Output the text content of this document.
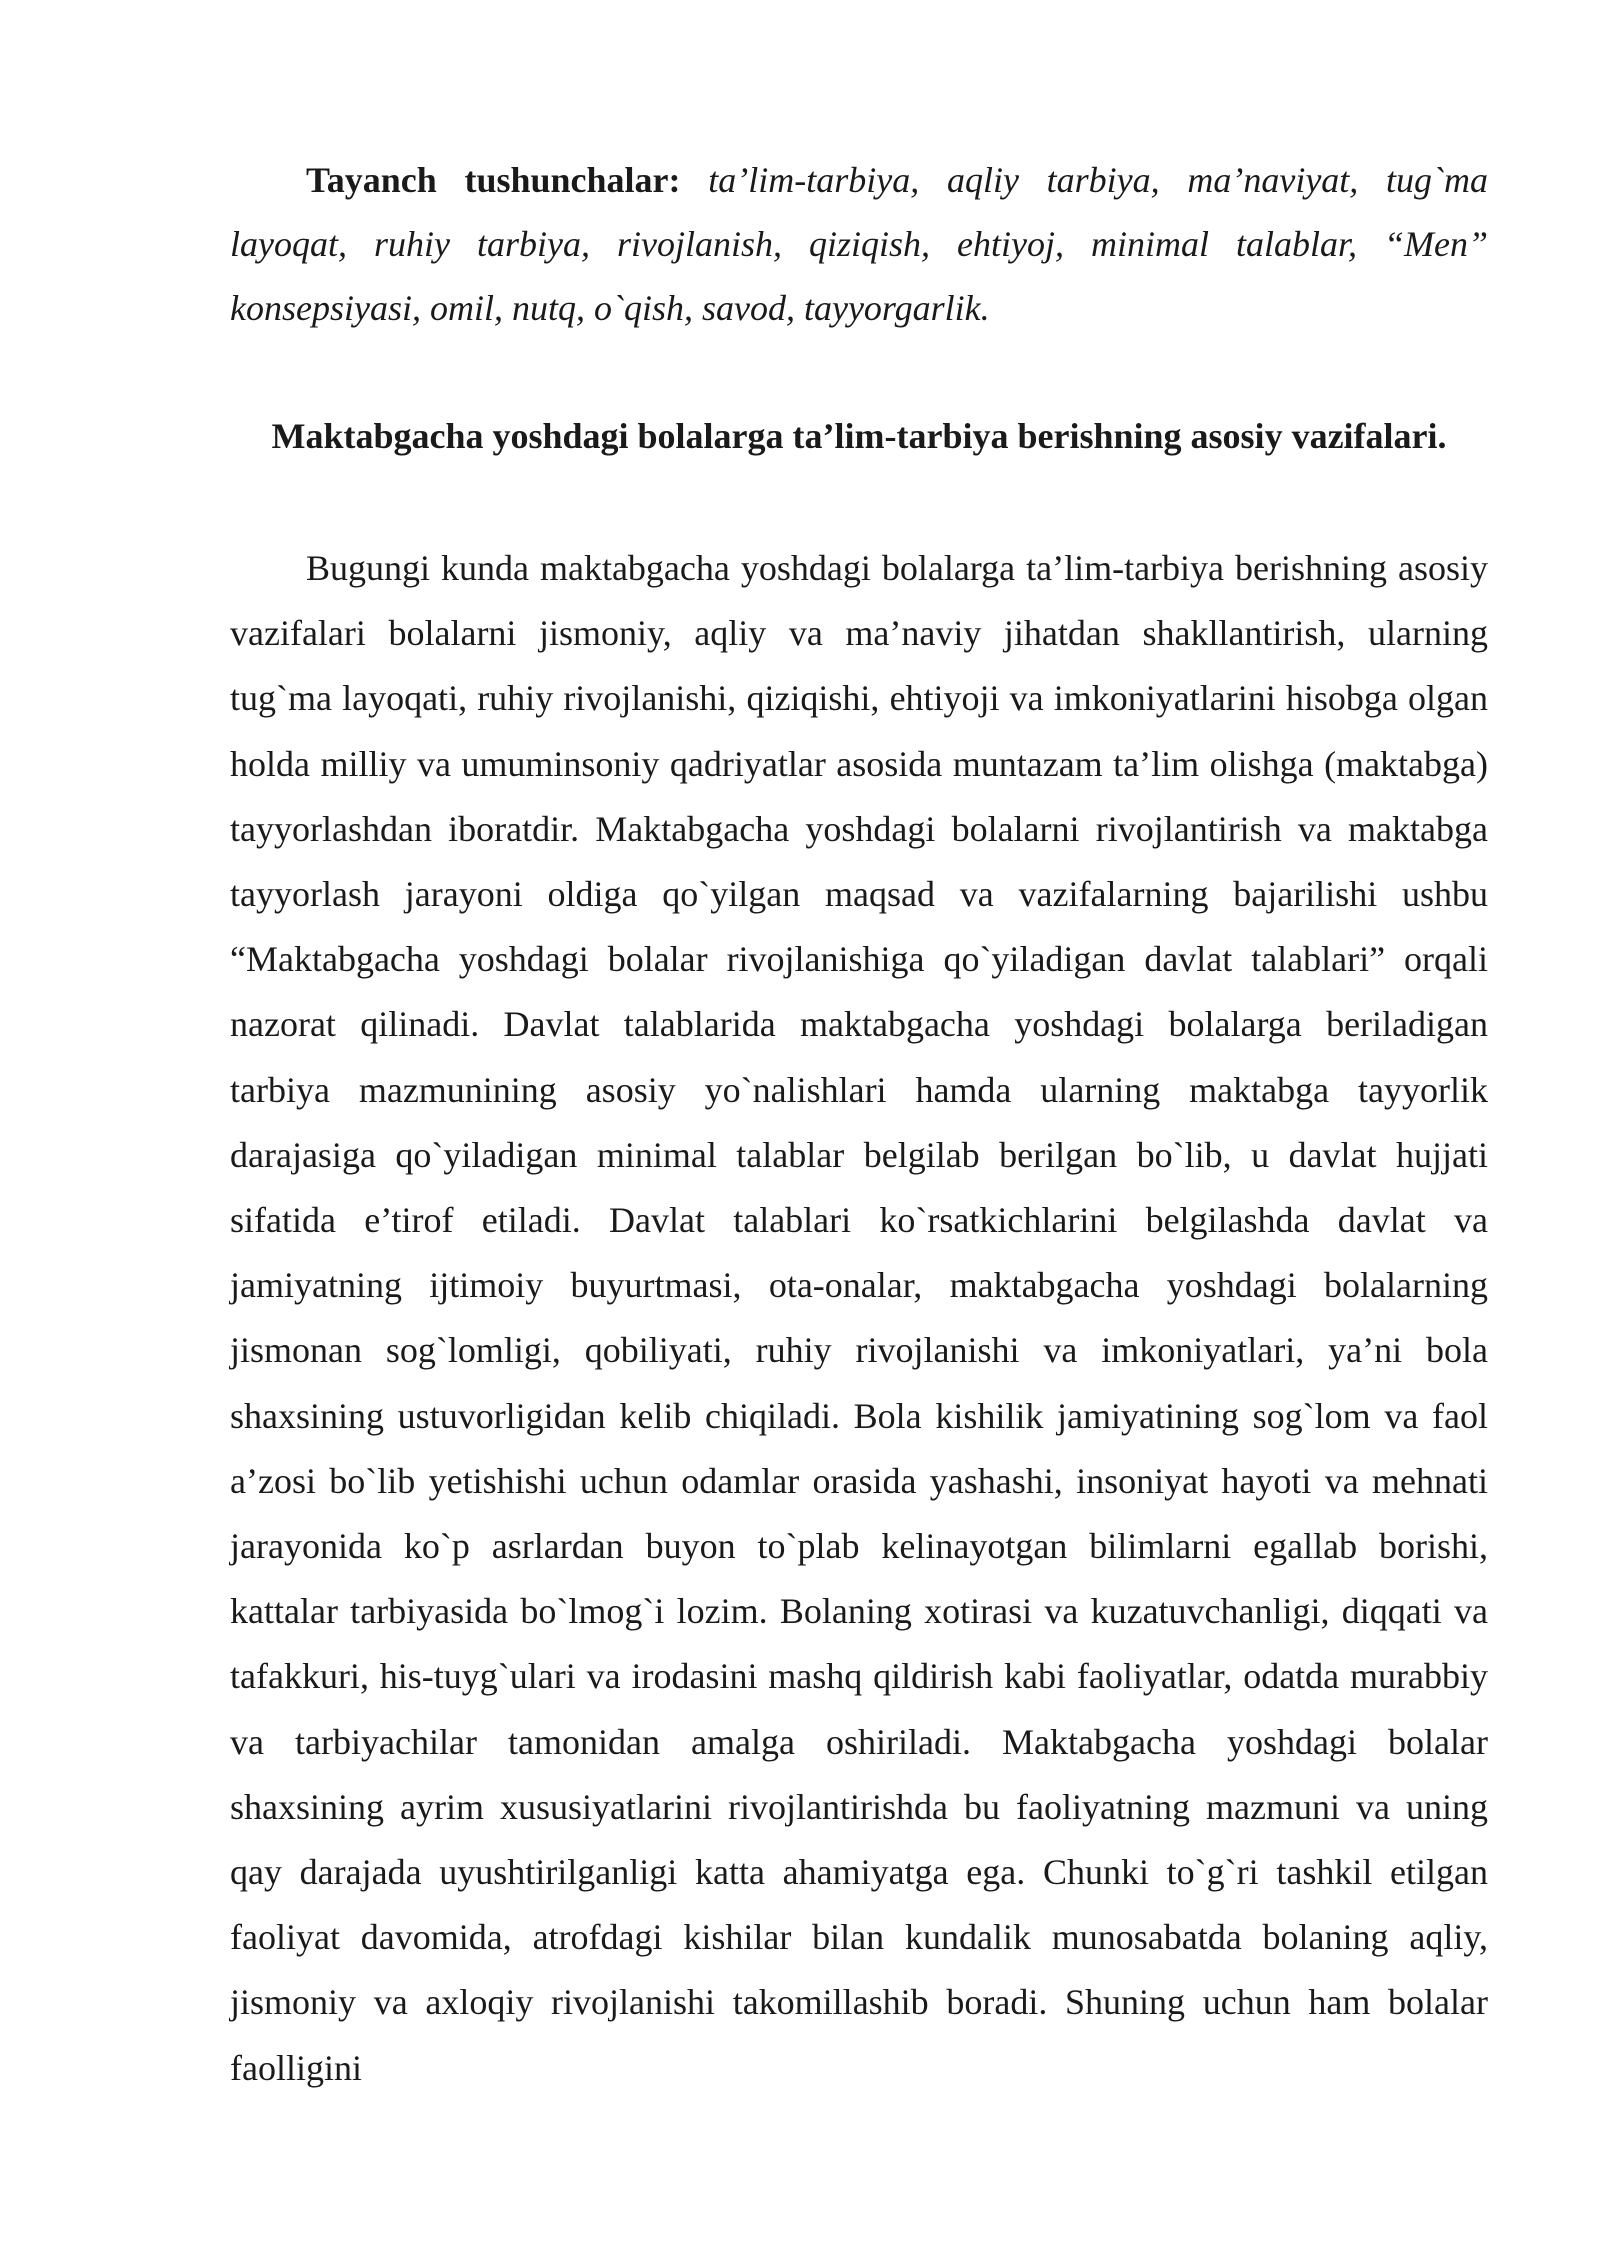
Tayanch tushunchalar: ta’lim-tarbiya, aqliy tarbiya, ma’naviyat, tug`ma layoqat, ruhiy tarbiya, rivojlanish, qiziqish, ehtiyoj, minimal talablar, “Men” konsepsiyasi, omil, nutq, o`qish, savod, tayyorgarlik.
Maktabgacha yoshdagi bolalarga ta’lim-tarbiya berishning asosiy vazifalari.

Bugungi kunda maktabgacha yoshdagi bolalarga ta’lim-tarbiya berishning asosiy vazifalari bolalarni jismoniy, aqliy va ma’naviy jihatdan shakllantirish, ularning tug`ma layoqati, ruhiy rivojlanishi, qiziqishi, ehtiyoji va imkoniyatlarini hisobga olgan holda milliy va umuminsoniy qadriyatlar asosida muntazam ta’lim olishga (maktabga) tayyorlashdan iboratdir. Maktabgacha yoshdagi bolalarni rivojlantirish va maktabga tayyorlash jarayoni oldiga qo`yilgan maqsad va vazifalarning bajarilishi ushbu “Maktabgacha yoshdagi bolalar rivojlanishiga qo`yiladigan davlat talablari” orqali nazorat qilinadi. Davlat talablarida maktabgacha yoshdagi bolalarga beriladigan tarbiya mazmunining asosiy yo`nalishlari hamda ularning maktabga tayyorlik darajasiga qo`yiladigan minimal talablar belgilab berilgan bo`lib, u davlat hujjati sifatida e’tirof etiladi. Davlat talablari ko`rsatkichlarini belgilashda davlat va jamiyatning ijtimoiy buyurtmasi, ota-onalar, maktabgacha yoshdagi bolalarning jismonan sog`lomligi, qobiliyati, ruhiy rivojlanishi va imkoniyatlari, ya’ni bola shaxsining ustuvorligidan kelib chiqiladi. Bola kishilik jamiyatining sog`lom va faol a’zosi bo`lib yetishishi uchun odamlar orasida yashashi, insoniyat hayoti va mehnati jarayonida ko`p asrlardan buyon to`plab kelinayotgan bilimlarni egallab borishi, kattalar tarbiyasida bo`lmog`i lozim. Bolaning xotirasi va kuzatuvchanligi, diqqati va tafakkuri, his-tuyg`ulari va irodasini mashq qildirish kabi faoliyatlar, odatda murabbiy va tarbiyachilar tamonidan amalga oshiriladi. Maktabgacha yoshdagi bolalar shaxsining ayrim xususiyatlarini rivojlantirishda bu faoliyatning mazmuni va uning qay darajada uyushtirilganligi katta ahamiyatga ega. Chunki to`g`ri tashkil etilgan faoliyat davomida, atrofdagi kishilar bilan kundalik munosabatda bolaning aqliy, jismoniy va axloqiy rivojlanishi takomillashib boradi. Shuning uchun ham bolalar faolligini
